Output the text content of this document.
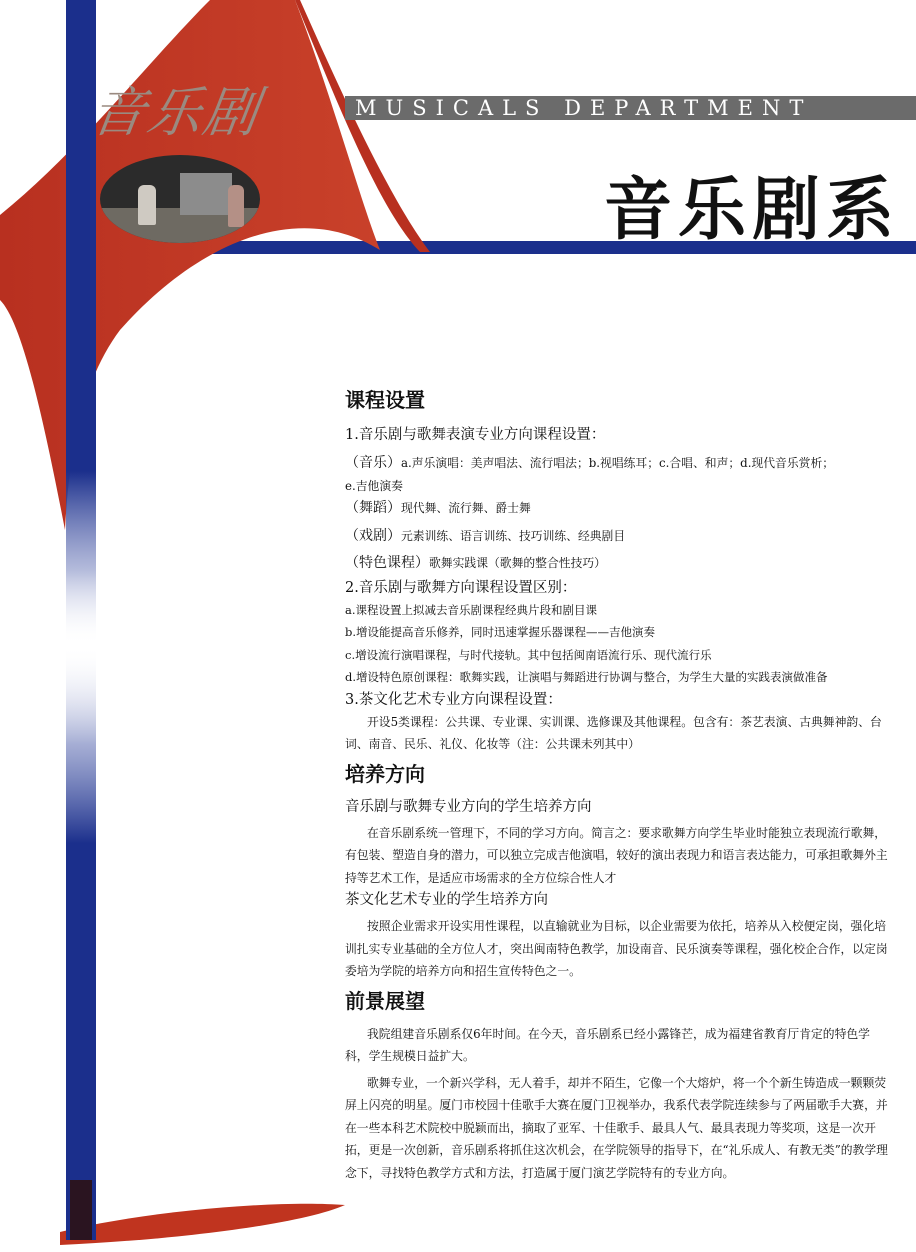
音乐剧	MUSICALS DEPARTMENT
音乐剧系
课程设置

1.音乐剧与歌舞表演专业方向课程设置：

（音乐）a.声乐演唱：美声唱法、流行唱法；b.视唱练耳；c.合唱、和声；d.现代音乐赏析；

e.吉他演奏

（舞蹈）现代舞、流行舞、爵士舞

（戏剧）元素训练、语言训练、技巧训练、经典剧目

（特色课程）歌舞实践课（歌舞的整合性技巧）

2.音乐剧与歌舞方向课程设置区别：

a.课程设置上拟减去音乐剧课程经典片段和剧目课

b.增设能提高音乐修养，同时迅速掌握乐器课程——吉他演奏

c.增设流行演唱课程，与时代接轨。其中包括闽南语流行乐、现代流行乐

d.增设特色原创课程：歌舞实践，让演唱与舞蹈进行协调与整合，为学生大量的实践表演做准备

3.茶文化艺术专业方向课程设置：

开设5类课程：公共课、专业课、实训课、选修课及其他课程。包含有：茶艺表演、古典舞神韵、台词、南音、民乐、礼仪、化妆等（注：公共课未列其中）

培养方向

音乐剧与歌舞专业方向的学生培养方向

在音乐剧系统一管理下，不同的学习方向。简言之：要求歌舞方向学生毕业时能独立表现流行歌舞，有包装、塑造自身的潜力，可以独立完成吉他演唱，较好的演出表现力和语言表达能力，可承担歌舞外主持等艺术工作，是适应市场需求的全方位综合性人才

茶文化艺术专业的学生培养方向

按照企业需求开设实用性课程，以直输就业为目标，以企业需要为依托，培养从入校便定岗，强化培训扎实专业基础的全方位人才，突出闽南特色教学，加设南音、民乐演奏等课程，强化校企合作，以定岗委培为学院的培养方向和招生宣传特色之一。

前景展望

我院组建音乐剧系仅6年时间。在今天，音乐剧系已经小露锋芒，成为福建省教育厅肯定的特色学科，学生规模日益扩大。

歌舞专业，一个新兴学科，无人着手，却并不陌生，它像一个大熔炉，将一个个新生铸造成一颗颗荧屏上闪亮的明星。厦门市校园十佳歌手大赛在厦门卫视举办，我系代表学院连续参与了两届歌手大赛，并在一些本科艺术院校中脱颖而出，摘取了亚军、十佳歌手、最具人气、最具表现力等奖项，这是一次开拓，更是一次创新，音乐剧系将抓住这次机会，在学院领导的指导下，在“礼乐成人、有教无类”的教学理念下，寻找特色教学方式和方法，打造属于厦门演艺学院特有的专业方向。
